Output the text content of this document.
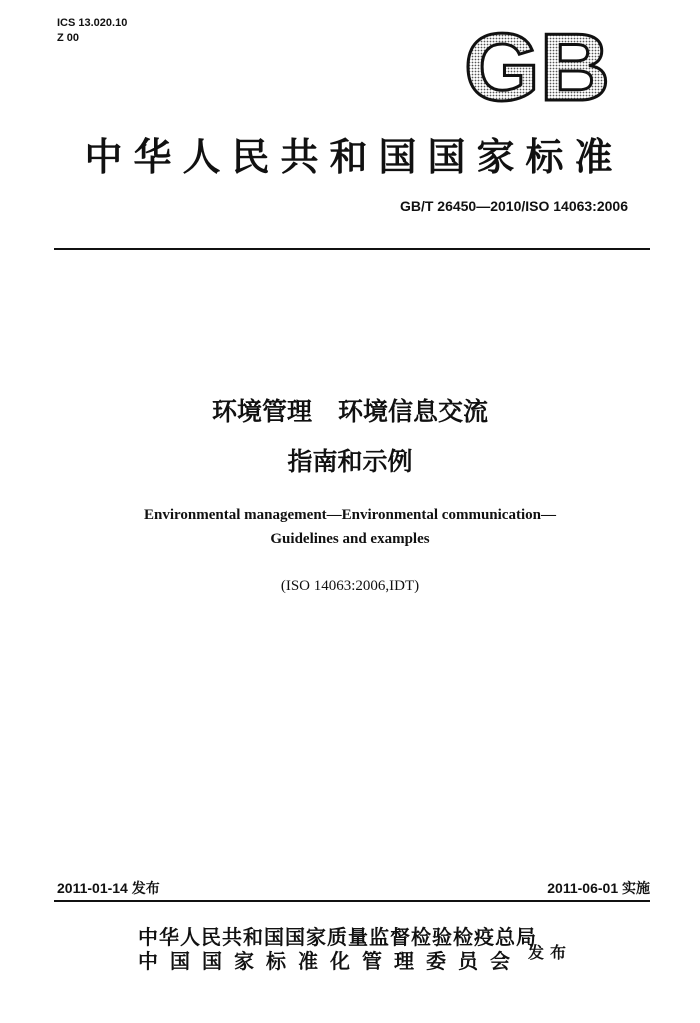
ICS 13.020.10
Z 00	GB
中华人民共和国国家标准
GB/T 26450—2010/ISO 14063:2006
环境管理   环境信息交流
指南和示例
Environmental management—Environmental communication—
Guidelines and examples
(ISO 14063:2006,IDT)
2011-01-14 发布	2011-06-01 实施
中华人民共和国国家质量监督检验检疫总局
中国国家标准化管理委员会 发布
